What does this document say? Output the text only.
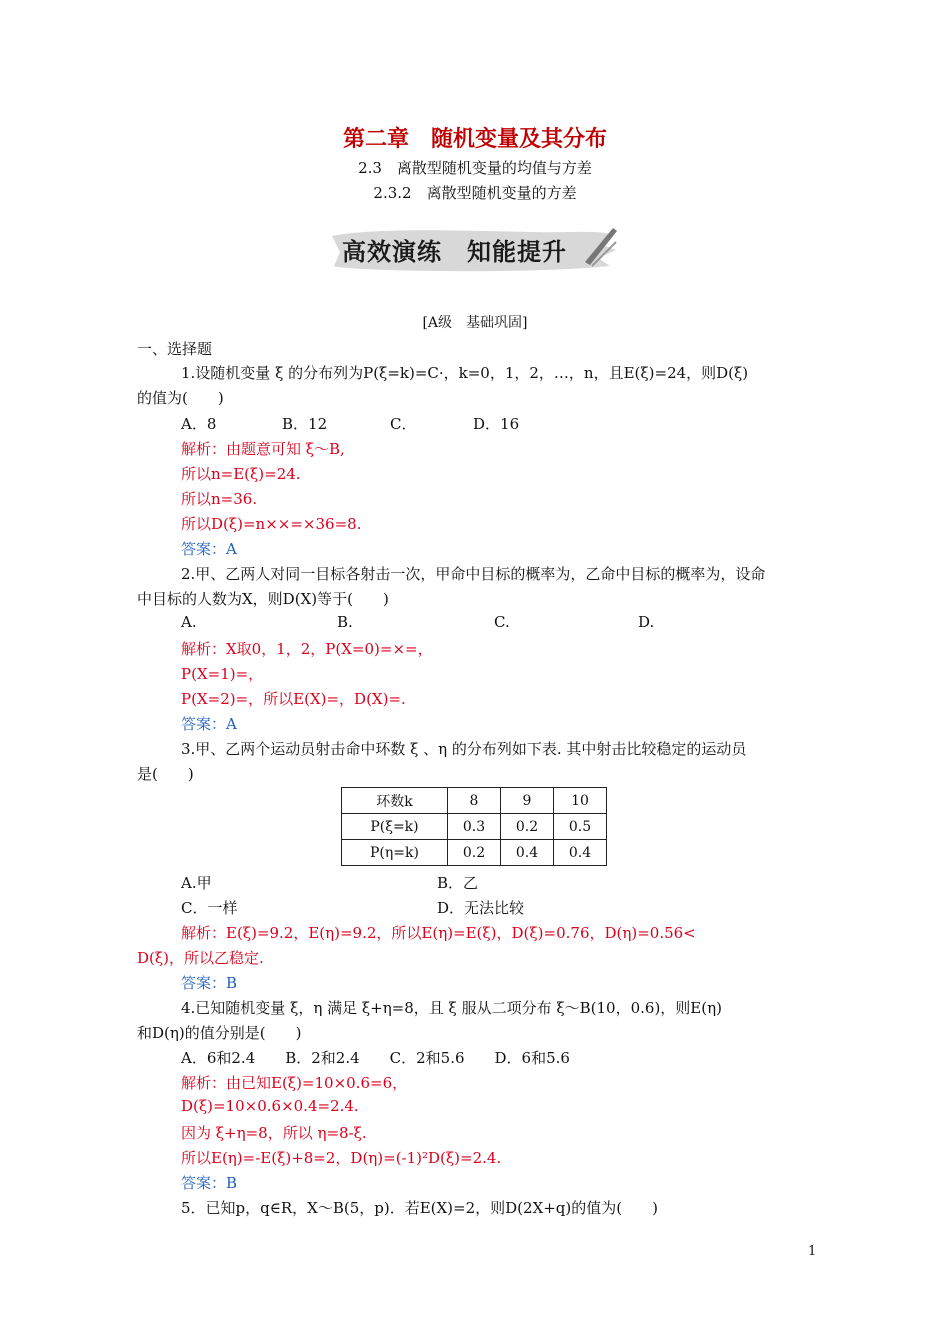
第二章　随机变量及其分布
2.3　离散型随机变量的均值与方差
2.3.2　离散型随机变量的方差
高效演练　知能提升
[A级　基础巩固]
一、选择题
1.设随机变量 ξ 的分布列为P(ξ=k)=C·，k=0，1，2，…，n，且E(ξ)=24，则D(ξ)
的值为(　　)
A．8	B．12	C．	D．16
解析：由题意可知 ξ～B,
所以n=E(ξ)=24.
所以n=36.
所以D(ξ)=n××=×36=8.
答案：A
2.甲、乙两人对同一目标各射击一次，甲命中目标的概率为，乙命中目标的概率为，设命
中目标的人数为X，则D(X)等于(　　)
A.	B.	C.	D.
解析：X取0，1，2，P(X=0)=×=，
P(X=1)=，
P(X=2)=，所以E(X)=，D(X)=.
答案：A
3.甲、乙两个运动员射击命中环数 ξ 、η 的分布列如下表. 其中射击比较稳定的运动员
是(　　)
环数k	8	9	10
P(ξ=k)	0.3	0.2	0.5
P(η=k)	0.2	0.4	0.4
A.甲	B．乙
C．一样	D．无法比较
解析：E(ξ)=9.2，E(η)=9.2，所以E(η)=E(ξ)，D(ξ)=0.76，D(η)=0.56<
D(ξ)，所以乙稳定.
答案：B
4.已知随机变量 ξ，η 满足 ξ+η=8，且 ξ 服从二项分布 ξ～B(10，0.6)，则E(η)
和D(η)的值分别是(　　)
A．6和2.4　　B．2和2.4　　C．2和5.6　　D．6和5.6
解析：由已知E(ξ)=10×0.6=6，
D(ξ)=10×0.6×0.4=2.4.
因为 ξ+η=8，所以 η=8-ξ.
所以E(η)=-E(ξ)+8=2，D(η)=(-1)²D(ξ)=2.4.
答案：B
5．已知p，q∈R，X～B(5，p)．若E(X)=2，则D(2X+q)的值为(　　)
1
